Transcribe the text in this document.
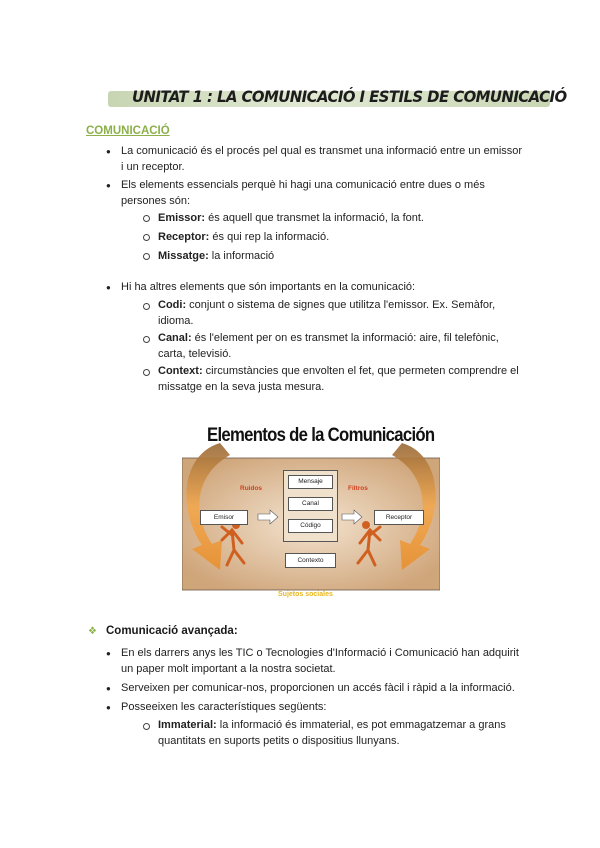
UNITAT 1 : LA COMUNICACIÓ I ESTILS DE COMUNICACIÓ
COMUNICACIÓ
● La comunicació és el procés pel qual es transmet una informació entre un emissor
i un receptor.
● Els elements essencials perquè hi hagi una comunicació entre dues o més
persones són:
Emissor: és aquell que transmet la informació, la font.
Receptor: és qui rep la informació.
Missatge: la informació
● Hi ha altres elements que són importants en la comunicació:
Codi: conjunt o sistema de signes que utilitza l'emissor. Ex. Semàfor,
idioma.
Canal: és l'element per on es transmet la informació: aire, fil telefònic,
carta, televisió.
Context: circumstàncies que envolten el fet, que permeten comprendre el
missatge en la seva justa mesura.
Elementos de la Comunicación
Ruidos	Filtros
Emisor	Receptor
Mensaje
Canal
Código
Contexto
Sujetos sociales
❖ Comunicació avançada:
● En els darrers anys les TIC o Tecnologies d'Informació i Comunicació han adquirit
un paper molt important a la nostra societat.
● Serveixen per comunicar-nos, proporcionen un accés fàcil i ràpid a la informació.
● Posseeixen les característiques següents:
Immaterial: la informació és immaterial, es pot emmagatzemar a grans
quantitats en suports petits o dispositius llunyans.
